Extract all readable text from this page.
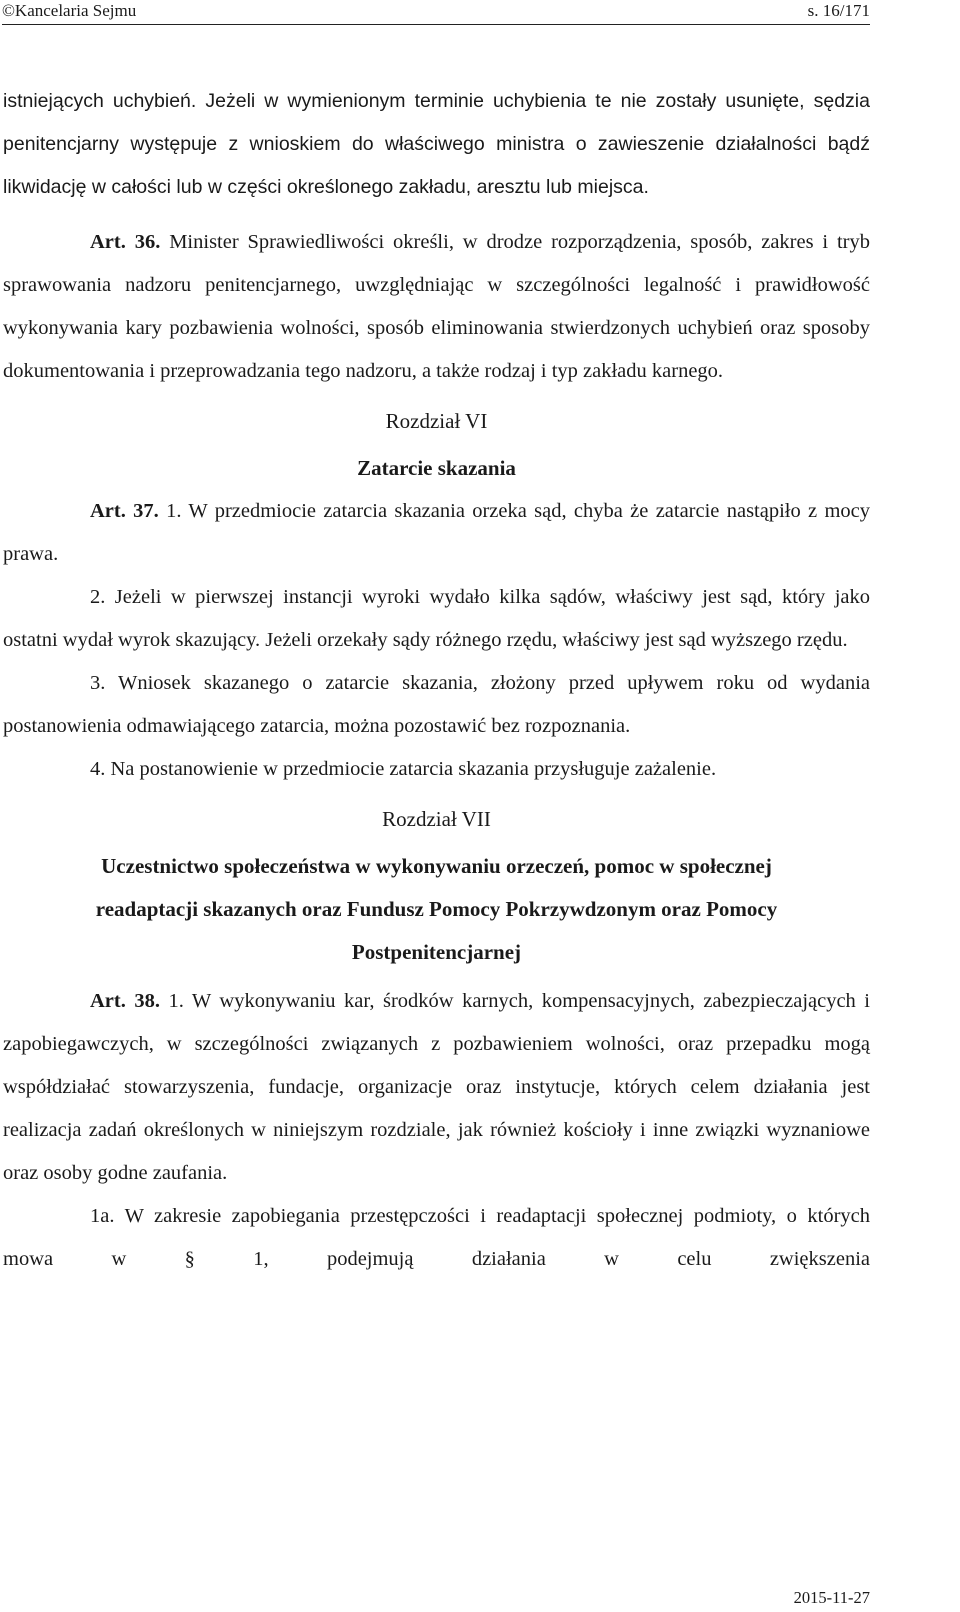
©Kancelaria Sejmu	s. 16/171

istniejących uchybień. Jeżeli w wymienionym terminie uchybienia te nie zostały usunięte, sędzia penitencjarny występuje z wnioskiem do właściwego ministra o zawieszenie działalności bądź likwidację w całości lub w części określonego zakładu, aresztu lub miejsca.

Art. 36. Minister Sprawiedliwości określi, w drodze rozporządzenia, sposób, zakres i tryb sprawowania nadzoru penitencjarnego, uwzględniając w szczególności legalność i prawidłowość wykonywania kary pozbawienia wolności, sposób eliminowania stwierdzonych uchybień oraz sposoby dokumentowania i przeprowadzania tego nadzoru, a także rodzaj i typ zakładu karnego.

Rozdział VI

Zatarcie skazania

Art. 37. 1. W przedmiocie zatarcia skazania orzeka sąd, chyba że zatarcie nastąpiło z mocy prawa.

2. Jeżeli w pierwszej instancji wyroki wydało kilka sądów, właściwy jest sąd, który jako ostatni wydał wyrok skazujący. Jeżeli orzekały sądy różnego rzędu, właściwy jest sąd wyższego rzędu.

3. Wniosek skazanego o zatarcie skazania, złożony przed upływem roku od wydania postanowienia odmawiającego zatarcia, można pozostawić bez rozpoznania.

4. Na postanowienie w przedmiocie zatarcia skazania przysługuje zażalenie.

Rozdział VII

Uczestnictwo społeczeństwa w wykonywaniu orzeczeń, pomoc w społecznej

readaptacji skazanych oraz Fundusz Pomocy Pokrzywdzonym oraz Pomocy

Postpenitencjarnej

Art. 38. 1. W wykonywaniu kar, środków karnych, kompensacyjnych, zabezpieczających i zapobiegawczych, w szczególności związanych z pozbawieniem wolności, oraz przepadku mogą współdziałać stowarzyszenia, fundacje, organizacje oraz instytucje, których celem działania jest realizacja zadań określonych w niniejszym rozdziale, jak również kościoły i inne związki wyznaniowe oraz osoby godne zaufania.

1a. W zakresie zapobiegania przestępczości i readaptacji społecznej podmioty, o których mowa w § 1, podejmują działania w celu zwiększenia

2015-11-27
